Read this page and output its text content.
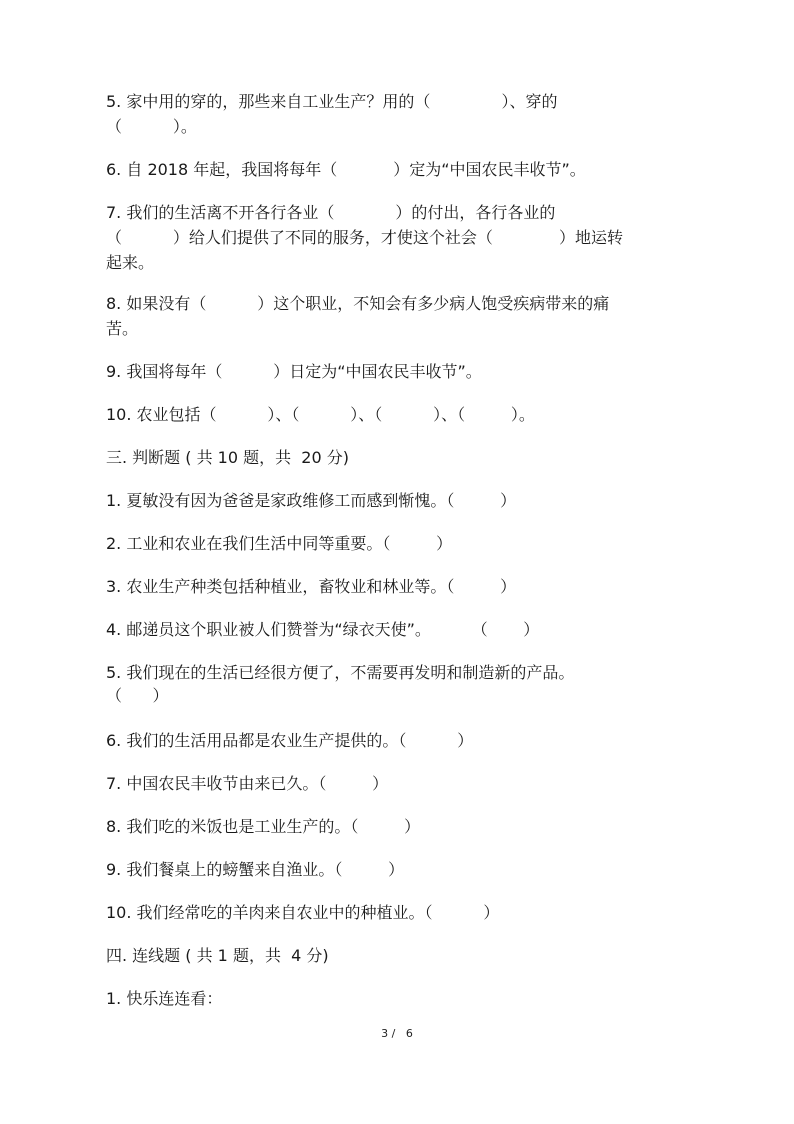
5. 家中用的穿的，那些来自工业生产？用的（              ）、穿的

（          ）。

6. 自 2018 年起，我国将每年（           ）定为“中国农民丰收节”。

7. 我们的生活离不开各行各业（            ）的付出，各行各业的

（          ）给人们提供了不同的服务，才使这个社会（             ）地运转

起来。

8. 如果没有（          ）这个职业，不知会有多少病人饱受疾病带来的痛

苦。

9. 我国将每年（          ）日定为“中国农民丰收节”。

10. 农业包括（          ）、（          ）、（          ）、（         ）。

三. 判断题 ( 共 10 题，共  20 分)

1. 夏敏没有因为爸爸是家政维修工而感到惭愧。（         ）

2. 工业和农业在我们生活中同等重要。（         ）

3. 农业生产种类包括种植业，畜牧业和林业等。（         ）

4. 邮递员这个职业被人们赞誉为“绿衣天使”。        （       ）

5. 我们现在的生活已经很方便了，不需要再发明和制造新的产品。

（      ）

6. 我们的生活用品都是农业生产提供的。（          ）

7. 中国农民丰收节由来已久。（         ）

8. 我们吃的米饭也是工业生产的。（         ）

9. 我们餐桌上的螃蟹来自渔业。（         ）

10. 我们经常吃的羊肉来自农业中的种植业。（          ）

四. 连线题 ( 共 1 题，共  4 分)

1. 快乐连连看：

3 /   6
